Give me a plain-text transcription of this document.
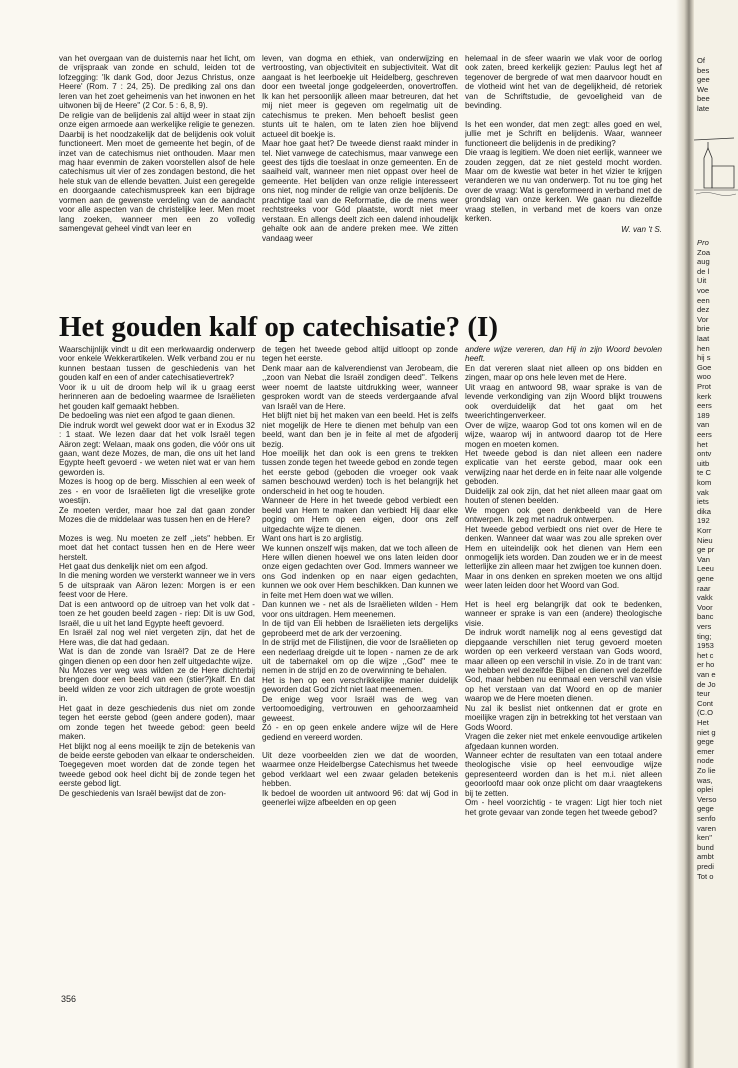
van het overgaan van de duisternis naar het licht, om de vrijspraak van zonde en schuld, leiden tot de lofzegging: 'Ik dank God, door Jezus Christus, onze Heere' (Rom. 7 : 24, 25). De prediking zal ons dan leren van het zoet geheimenis van het inwonen en het uitwonen bij de Heere'' (2 Cor. 5 : 6, 8, 9).

De religie van de belijdenis zal altijd weer in staat zijn onze eigen armoede aan werkelijke religie te genezen. Daarbij is het noodzakelijk dat de belijdenis ook voluit functioneert. Men moet de gemeente het begin, of de inzet van de catechismus niet onthouden. Maar men mag haar evenmin de zaken voorstellen alsof de hele catechismus uit vier of zes zondagen bestond, die het hele stuk van de ellende bevatten. Juist een geregelde en doorgaande catechismuspreek kan een bijdrage vormen aan de gewenste verdeling van de aandacht voor alle aspecten van de christelijke leer. Men moet lang zoeken, wanneer men een zo volledig samengevat geheel vindt van leer en

leven, van dogma en ethiek, van onderwijzing en vertroosting, van objectiviteit en subjectiviteit. Wat dit aangaat is het leerboekje uit Heidelberg, geschreven door een tweetal jonge godgeleerden, onovertroffen. Ik kan het persoonlijk alleen maar betreuren, dat het mij niet meer is gegeven om regelmatig uit de catechismus te preken. Men behoeft beslist geen stunts uit te halen, om te laten zien hoe blijvend actueel dit boekje is.

Maar hoe gaat het? De tweede dienst raakt minder in tel. Niet vanwege de catechismus, maar vanwege een geest des tijds die toeslaat in onze gemeenten. En de saaiheid valt, wanneer men niet oppast over heel de gemeente. Het belijden van onze religie interesseert ons niet, nog minder de religie van onze belijdenis. De prachtige taal van de Reformatie, die de mens weer rechtstreeks voor Gód plaatste, wordt niet meer verstaan. En allengs deelt zich een dalend inhoudelijk gehalte ook aan de andere preken mee. We zitten vandaag weer

helemaal in de sfeer waarin we vlak voor de oorlog ook zaten, breed kerkelijk gezien: Paulus legt het af tegenover de bergrede of wat men daarvoor houdt en de vlotheid wint het van de degelijkheid, dé retoriek van de Schriftstudie, de gevoeligheid van de bevinding.

Is het een wonder, dat men zegt: alles goed en wel, jullie met je Schrift en belijdenis. Waar, wanneer functioneert die belijdenis in de prediking?

Die vraag is legitiem. We doen niet eerlijk, wanneer we zouden zeggen, dat ze niet gesteld mocht worden. Maar om de kwestie wat beter in het vizier te krijgen veranderen we nu van onderwerp. Tot nu toe ging het over de vraag: Wat is gereformeerd in verband met de grondslag van onze kerken. We gaan nu diezelfde vraag stellen, in verband met de koers van onze kerken.

W. van 't S.
Het gouden kalf op catechisatie? (I)

Waarschijnlijk vindt u dit een merkwaardig onderwerp voor enkele Wekkerartikelen. Welk verband zou er nu kunnen bestaan tussen de geschiedenis van het gouden kalf en een of ander catechisatievertrek?

Voor ik u uit de droom help wil ik u graag eerst herinneren aan de bedoeling waarmee de Israëlieten het gouden kalf gemaakt hebben.

De bedoeling was niet een afgod te gaan dienen.

Die indruk wordt wel gewekt door wat er in Exodus 32 : 1 staat. We lezen daar dat het volk Israël tegen Aäron zegt: Welaan, maak ons goden, die vóór ons uit gaan, want deze Mozes, de man, die ons uit het land Egypte heeft gevoerd - we weten niet wat er van hem geworden is.

Mozes is hoog op de berg. Misschien al een week of zes - en voor de Israëlieten ligt die vreselijke grote woestijn.

Ze moeten verder, maar hoe zal dat gaan zonder Mozes die de middelaar was tussen hen en de Here?

Mozes is weg. Nu moeten ze zelf ,,iets'' hebben. Er moet dat het contact tussen hen en de Here weer herstelt.

Het gaat dus denkelijk niet om een afgod.

In die mening worden we versterkt wanneer we in vers 5 de uitspraak van Aäron lezen: Morgen is er een feest voor de Here.

Dat is een antwoord op de uitroep van het volk dat - toen ze het gouden beeld zagen - riep: Dit is uw God, Israël, die u uit het land Egypte heeft gevoerd.

En Israël zal nog wel niet vergeten zijn, dat het de Here was, die dat had gedaan.

Wat is dan de zonde van Israël? Dat ze de Here gingen dienen op een door hen zelf uitgedachte wijze.

Nu Mozes ver weg was wilden ze de Here dichterbij brengen door een beeld van een (stier?)kalf. En dat beeld wilden ze voor zich uitdragen de grote woestijn in.

Het gaat in deze geschiedenis dus niet om zonde tegen het eerste gebod (geen andere goden), maar om zonde tegen het tweede gebod: geen beeld maken.

Het blijkt nog al eens moeilijk te zijn de betekenis van de beide eerste geboden van elkaar te onderscheiden.

Toegegeven moet worden dat de zonde tegen het tweede gebod ook heel dicht bij de zonde tegen het eerste gebod ligt.

De geschiedenis van Israël bewijst dat de zon-

de tegen het tweede gebod altijd uitloopt op zonde tegen het eerste.

Denk maar aan de kalverendienst van Jerobeam, die ,,zoon van Nebat die Israël zondigen deed''. Telkens weer noemt de laatste uitdrukking weer, wanneer gesproken wordt van de steeds verdergaande afval van Israël van de Here.

Het blijft niet bij het maken van een beeld. Het is zelfs niet mogelijk de Here te dienen met behulp van een beeld, want dan ben je in feite al met de afgoderij bezig.

Hoe moeilijk het dan ook is een grens te trekken tussen zonde tegen het tweede gebod en zonde tegen het eerste gebod (geboden die vroeger ook vaak samen beschouwd werden) toch is het belangrijk het onderscheid in het oog te houden.

Wanneer de Here in het tweede gebod verbiedt een beeld van Hem te maken dan verbiedt Hij daar elke poging om Hem op een eigen, door ons zelf uitgedachte wijze te dienen.

Want ons hart is zo arglistig.

We kunnen onszelf wijs maken, dat we toch alleen de Here willen dienen hoewel we ons laten leiden door onze eigen gedachten over God. Immers wanneer we ons God indenken op en naar eigen gedachten, kunnen we ook over Hem beschikken. Dan kunnen we in feite met Hem doen wat we willen.

Dan kunnen we - net als de Israëlieten wilden - Hem voor ons uitdragen. Hem meenemen.

In de tijd van Eli hebben de Israëlieten iets dergelijks geprobeerd met de ark der verzoening.

In de strijd met de Filistijnen, die voor de Israëlieten op een nederlaag dreigde uit te lopen - namen ze de ark uit de tabernakel om op die wijze ,,God'' mee te nemen in de strijd en zo de overwinning te behalen.

Het is hen op een verschrikkelijke manier duidelijk geworden dat God zicht niet laat meenemen.

De enige weg voor Israël was de weg van vertoomoediging, vertrouwen en gehoorzaamheid geweest.

Zó - en op geen enkele andere wijze wil de Here gediend en vereerd worden.

Uit deze voorbeelden zien we dat de woorden, waarmee onze Heidelbergse Catechismus het tweede gebod verklaart wel een zwaar geladen betekenis hebben.

Ik bedoel de woorden uit antwoord 96: dat wij God in geenerlei wijze afbeelden en op geen

andere wijze vereren, dan Hij in zijn Woord bevolen heeft.

En dat vereren slaat niet alleen op ons bidden en zingen, maar op ons hele leven met de Here.

Uit vraag en antwoord 98, waar sprake is van de levende verkondiging van zijn Woord blijkt trouwens ook overduidelijk dat het gaat om het tweerichtingenverkeer.

Over de wijze, waarop God tot ons komen wil en de wijze, waarop wij in antwoord daarop tot de Here mogen en moeten komen.

Het tweede gebod is dan niet alleen een nadere explicatie van het eerste gebod, maar ook een verwijzing naar het derde en in feite naar alle volgende geboden.

Duidelijk zal ook zijn, dat het niet alleen maar gaat om houten of stenen beelden.

We mogen ook geen denkbeeld van de Here ontwerpen. Ik zeg met nadruk ontwerpen.

Het tweede gebod verbiedt ons niet over de Here te denken. Wanneer dat waar was zou alle spreken over Hem en uiteindelijk ook het dienen van Hem een onmogelijk iets worden. Dan zouden we er in de meest letterlijke zin alleen maar het zwijgen toe kunnen doen.

Maar in ons denken en spreken moeten we ons altijd weer laten leiden door het Woord van God.

Het is heel erg belangrijk dat ook te bedenken, wanneer er sprake is van een (andere) theologische visie.

De indruk wordt namelijk nog al eens gevestigd dat diepgaande verschillen niet terug gevoerd moeten worden op een verkeerd verstaan van Gods woord, maar alleen op een verschil in visie. Zo in de trant van: we hebben wel dezelfde Bijbel en dienen wel dezelfde God, maar hebben nu eenmaal een verschil van visie op het verstaan van dat Woord en op de manier waarop we de Here moeten dienen.

Nu zal ik beslist niet ontkennen dat er grote en moeilijke vragen zijn in betrekking tot het verstaan van Gods Woord.

Vragen die zeker niet met enkele eenvoudige artikelen afgedaan kunnen worden.

Wanneer echter de resultaten van een totaal andere theologische visie op heel eenvoudige wijze gepresenteerd worden dan is het m.i. niet alleen geoorloofd maar ook onze plicht om daar vraagtekens bij te zetten.

Om - heel voorzichtig - te vragen: Ligt hier toch niet het grote gevaar van zonde tegen het tweede gebod?

356
Of
bes
gee
We
bee
late
Pro
Zoa
aug
de l
Uit
voe
een
dez
Vor
brie
laat
hen
hij s
Goe
woo
Prot
kerk
eers
189
van
eers
het
ontv
uitb
te C
kom
vak
iets
dika
192
Korr
Nieu
ge pr
Van
Leeu
gene
raar
vakk
Voor
banc
vers
ting;
1953
het c
er ho
van e
de Jo
teur
Cont
(C.O
Het
niet g
gege
emer
node
Zo lie
was,
oplei
Verso
gege
senfo
varen
ken''
bund
ambt
predi
Tot o
